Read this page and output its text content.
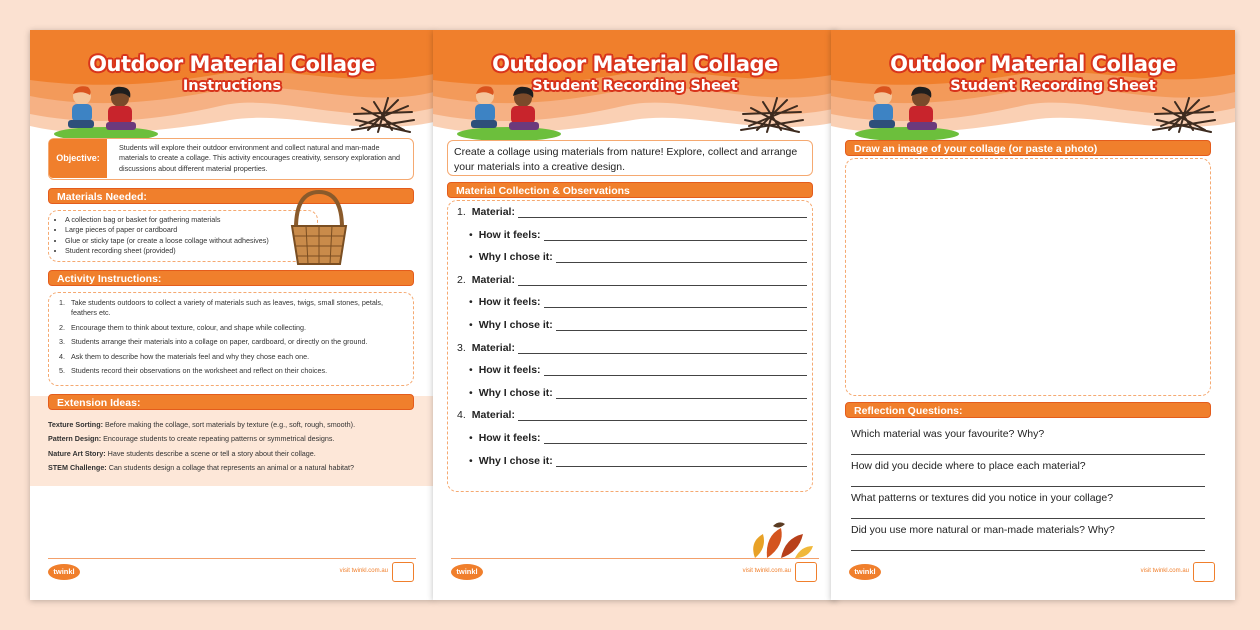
Outdoor Material Collage
Instructions
Objective:
Students will explore their outdoor environment and collect natural and man-made materials to create a collage. This activity encourages creativity, sensory exploration and discussions about different material properties.
Materials Needed:
• A collection bag or basket for gathering materials
• Large pieces of paper or cardboard
• Glue or sticky tape (or create a loose collage without adhesives)
• Student recording sheet (provided)
Activity Instructions:
1. Take students outdoors to collect a variety of materials such as leaves, twigs, small stones, petals, feathers etc.
2. Encourage them to think about texture, colour, and shape while collecting.
3. Students arrange their materials into a collage on paper, cardboard, or directly on the ground.
4. Ask them to describe how the materials feel and why they chose each one.
5. Students record their observations on the worksheet and reflect on their choices.
Extension Ideas:
Texture Sorting: Before making the collage, sort materials by texture (e.g., soft, rough, smooth).
Pattern Design: Encourage students to create repeating patterns or symmetrical designs.
Nature Art Story: Have students describe a scene or tell a story about their collage.
STEM Challenge: Can students design a collage that represents an animal or a natural habitat?
twinkl	visit twinkl.com.au
Outdoor Material Collage
Student Recording Sheet
Create a collage using materials from nature! Explore, collect and arrange your materials into a creative design.
Material Collection & Observations
1. Material:
• How it feels:
• Why I chose it:
2. Material:
• How it feels:
• Why I chose it:
3. Material:
• How it feels:
• Why I chose it:
4. Material:
• How it feels:
• Why I chose it:
twinkl	visit twinkl.com.au
Outdoor Material Collage
Student Recording Sheet
Draw an image of your collage (or paste a photo)
Reflection Questions:
Which material was your favourite? Why?
How did you decide where to place each material?
What patterns or textures did you notice in your collage?
Did you use more natural or man-made materials? Why?
twinkl	visit twinkl.com.au
